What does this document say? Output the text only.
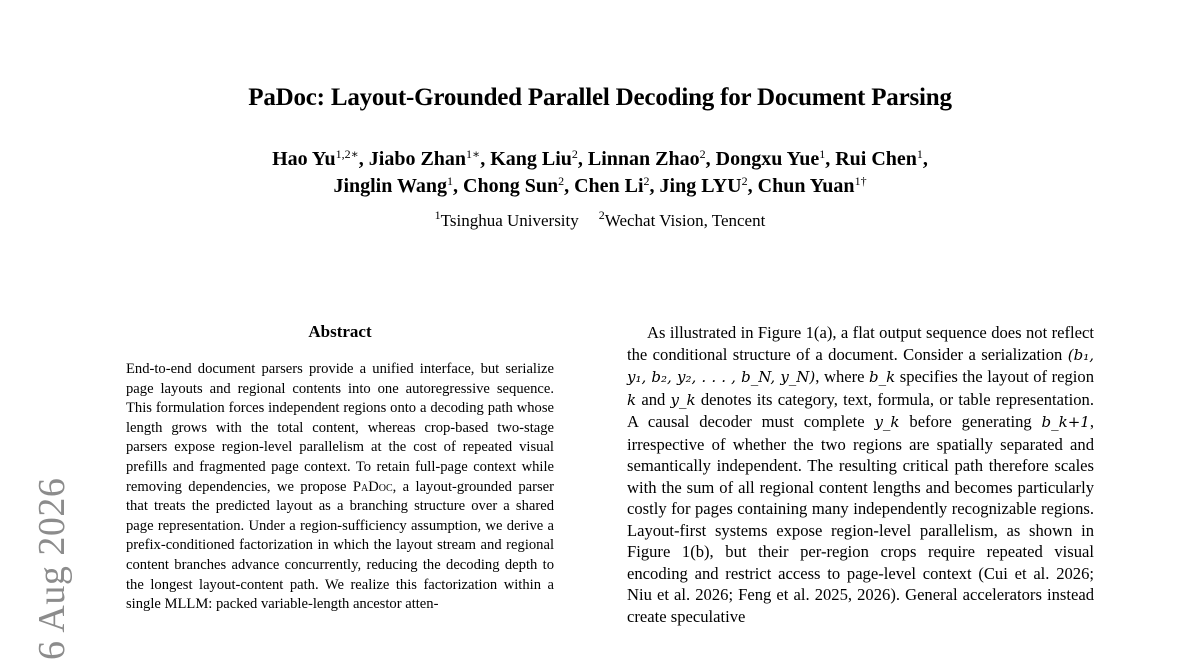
PaDoc: Layout-Grounded Parallel Decoding for Document Parsing
Hao $Yu^{1,2∗}$, Jiabo Zhan$^{1∗}$, Kang Liu$^2$, Linnan Zhao$^2$, Dongxu Yue$^1$, Rui Chen$^1$,
Jinglin Wang$^1$, Chong Sun$^2$, Chen Li$^2$, Jing LYU$^2$, Chun Yuan$^{1\dagger}$
$^1$Tsinghua University $^2$Wechat Vision, Tencent
Abstract
End-to-end document parsers provide a unified interface, but serialize page layouts and regional contents into one autoregressive sequence. This formulation forces independent regions onto a decoding path whose length grows with the total content, whereas crop-based two-stage parsers expose region-level parallelism at the cost of repeated visual prefills and fragmented page context. To retain full-page context while removing dependencies, we propose PaDoc, a layout-grounded parser that treats the predicted layout as a branching structure over a shared page representation. Under a region-sufficiency assumption, we derive a prefix-conditioned factorization in which the layout stream and regional content branches advance concurrently, reducing the decoding depth to the longest layout-content path. We realize this factorization within a single MLLM: packed variable-length ancestor atten-
As illustrated in Figure 1(a), a flat output sequence does not reflect the conditional structure of a document. Consider a serialization (b₁, y₁, b₂, y₂, . . . , b_N, y_N), where b_k specifies the layout of region k and y_k denotes its category, text, formula, or table representation. A causal decoder must complete y_k before generating b_k+1, irrespective of whether the two regions are spatially separated and semantically independent. The resulting critical path therefore scales with the sum of all regional content lengths and becomes particularly costly for pages containing many independently recognizable regions. Layout-first systems expose region-level parallelism, as shown in Figure 1(b), but their per-region crops require repeated visual encoding and restrict access to page-level context (Cui et al. 2026; Niu et al. 2026; Feng et al. 2025, 2026). General accelerators instead create speculative
6 Aug 2026
